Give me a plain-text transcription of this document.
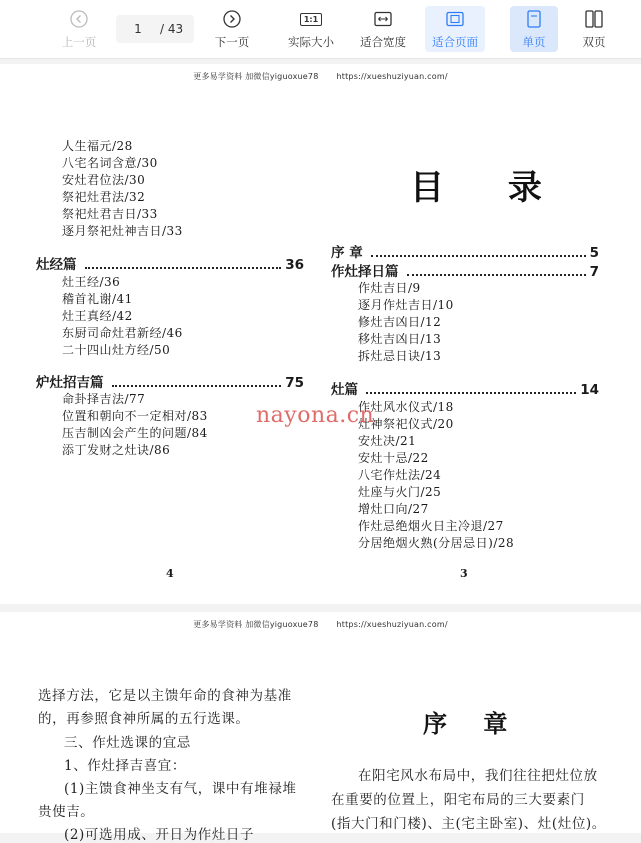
上一页
1	/ 43
下一页
1:1
实际大小 适合宽度 适合页面	单页	双页
更多易学资料 加微信yiguoxue78 https://xueshuziyuan.com/
人生福元/28
八宅名词含意/30
安灶君位法/30
祭祀灶君法/32
祭祀灶君吉日/33
逐月祭祀灶神吉日/33
灶经篇	36
灶王经/36
稽首礼谢/41
灶王真经/42
东厨司命灶君新经/46
二十四山灶方经/50
炉灶招吉篇	75
命卦择吉法/77
位置和朝向不一定相对/83
压吉制凶会产生的问题/84
添丁发财之灶诀/86
4
目 录
序 章	5
作灶择日篇	7
作灶吉日/9
逐月作灶吉日/10
修灶吉凶日/12
移灶吉凶日/13
拆灶忌日诀/13
灶篇	14
作灶风水仪式/18
灶神祭祀仪式/20
安灶决/21
安灶十忌/22
八宅作灶法/24
灶座与火门/25
增灶口向/27
作灶忌绝烟火日主冷退/27
分居绝烟火熟(分居忌日)/28
3
nayona.cn
更多易学资料 加微信yiguoxue78 https://xueshuziyuan.com/
选择方法，它是以主馈年命的食神为基准
的，再参照食神所属的五行选课。
三、作灶选课的宜忌
1、作灶择吉喜宜：
(1)主馈食神坐支有气，课中有堆禄堆
贵使吉。
(2)可选用成、开日为作灶日子
序 章
在阳宅风水布局中，我们往往把灶位放
在重要的位置上，阳宅布局的三大要素门
(指大门和门楼)、主(宅主卧室)、灶(灶位)。
